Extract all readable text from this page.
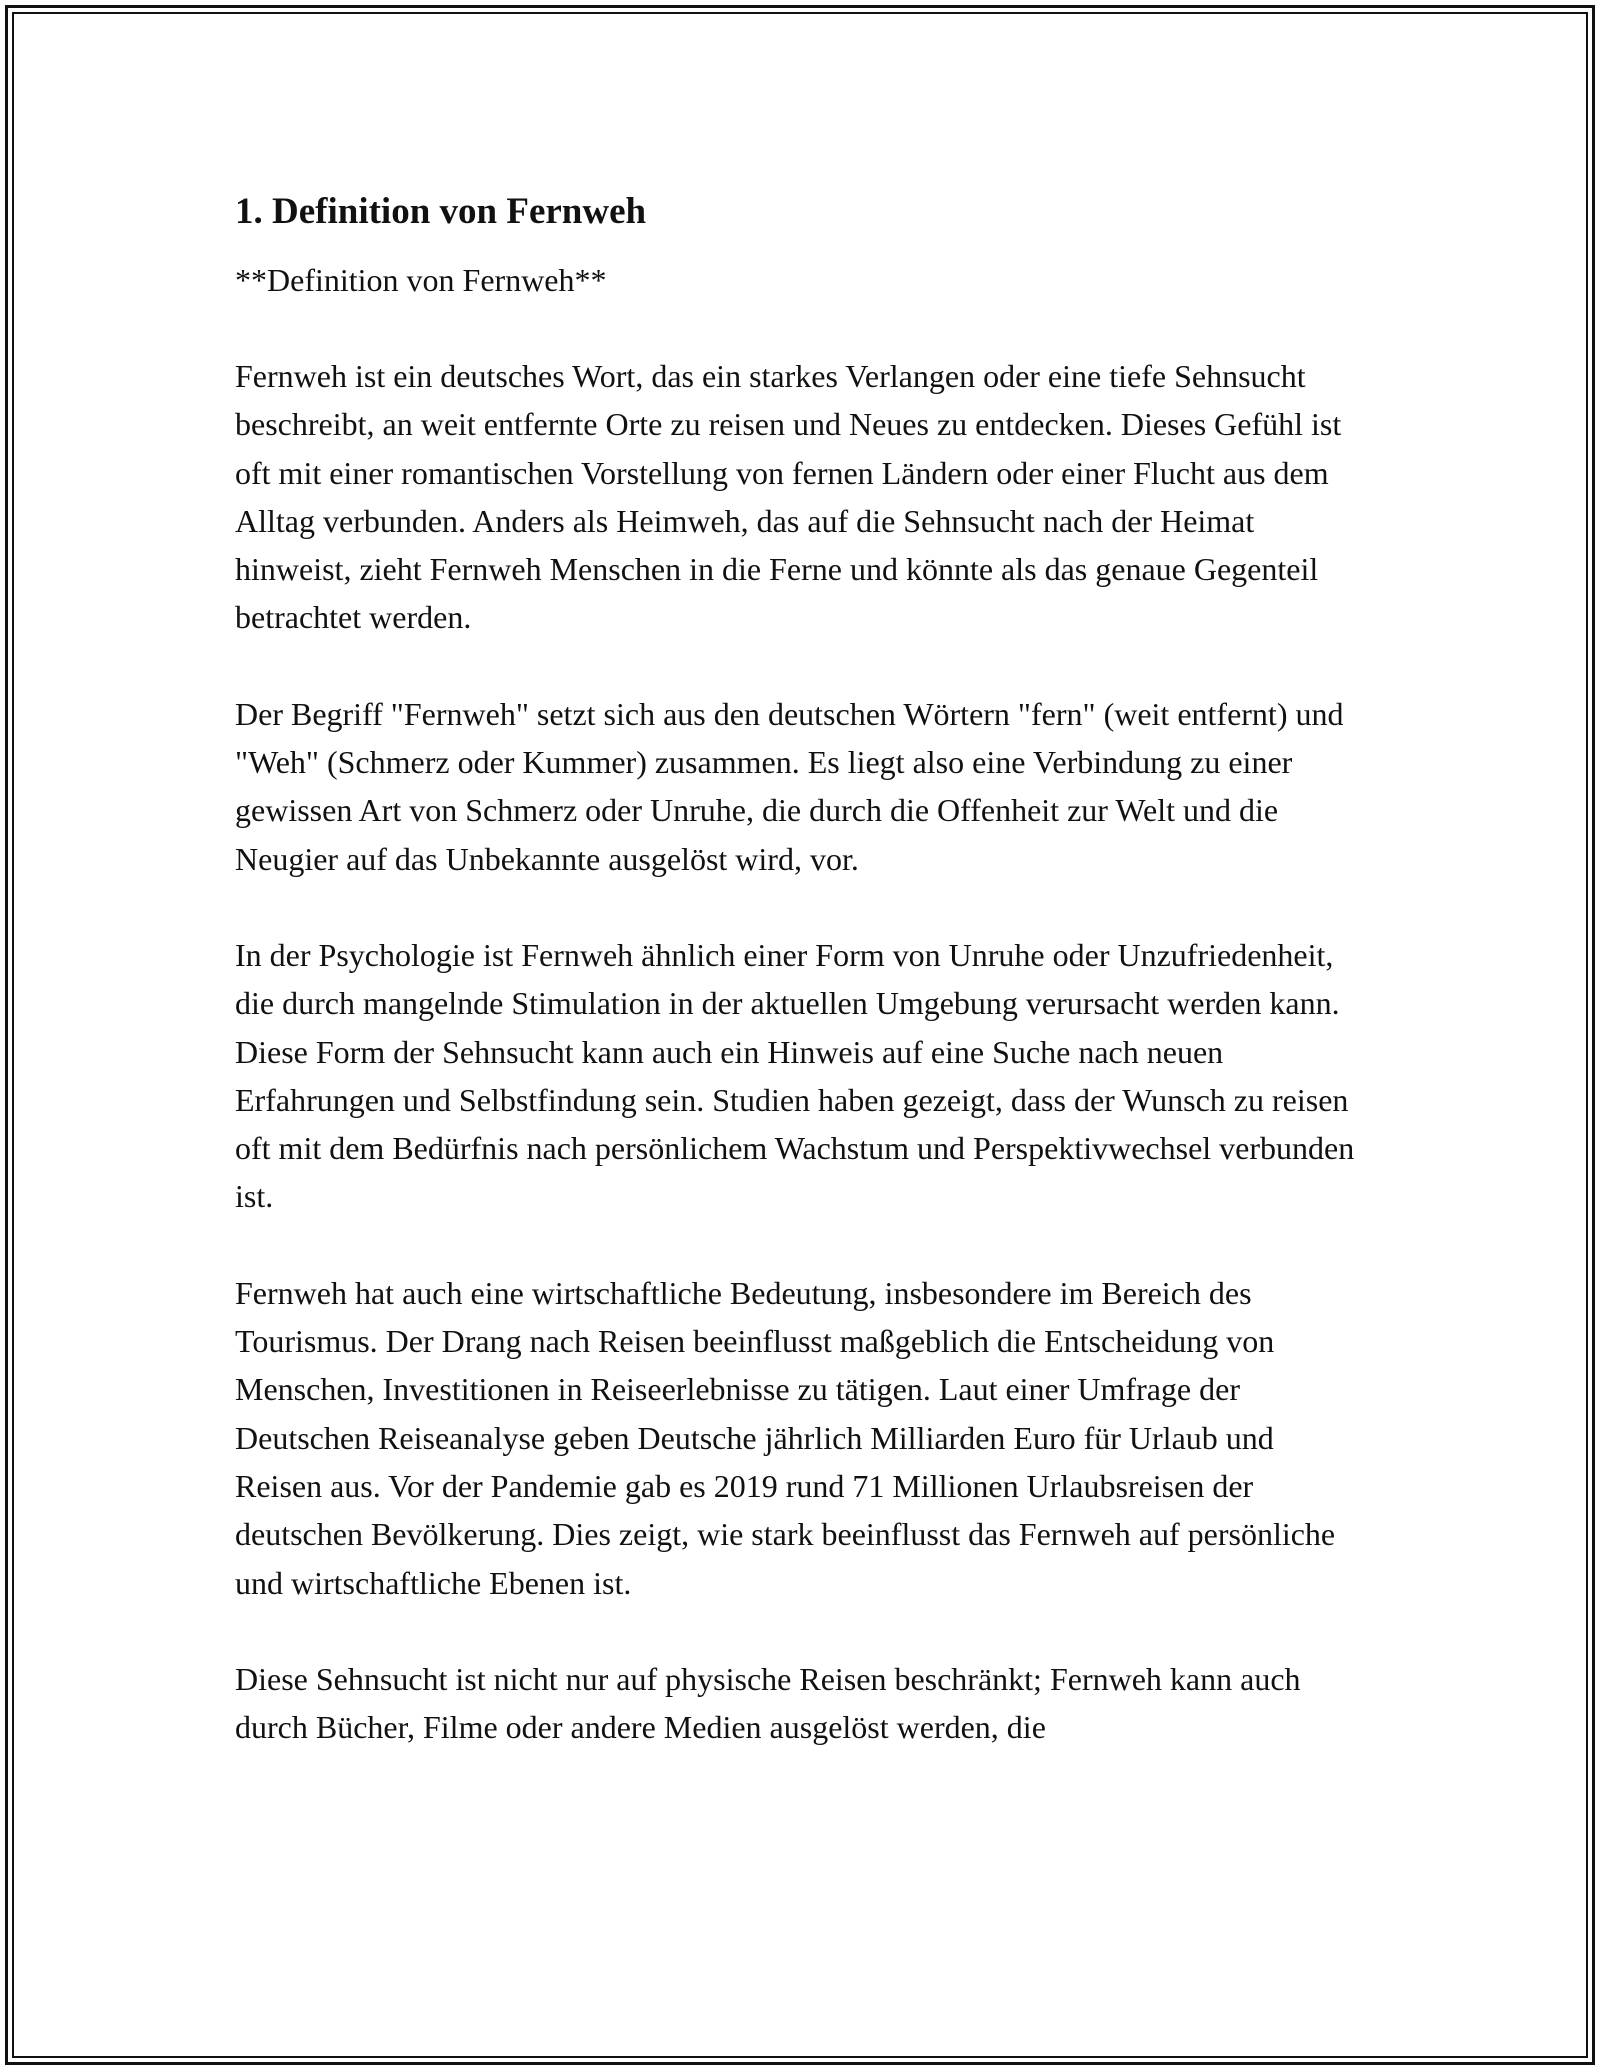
1. Definition von Fernweh
**Definition von Fernweh**

Fernweh ist ein deutsches Wort, das ein starkes Verlangen oder eine tiefe Sehnsucht beschreibt, an weit entfernte Orte zu reisen und Neues zu entdecken. Dieses Gefühl ist oft mit einer romantischen Vorstellung von fernen Ländern oder einer Flucht aus dem Alltag verbunden. Anders als Heimweh, das auf die Sehnsucht nach der Heimat hinweist, zieht Fernweh Menschen in die Ferne und könnte als das genaue Gegenteil betrachtet werden.

Der Begriff "Fernweh" setzt sich aus den deutschen Wörtern "fern" (weit entfernt) und "Weh" (Schmerz oder Kummer) zusammen. Es liegt also eine Verbindung zu einer gewissen Art von Schmerz oder Unruhe, die durch die Offenheit zur Welt und die Neugier auf das Unbekannte ausgelöst wird, vor.

In der Psychologie ist Fernweh ähnlich einer Form von Unruhe oder Unzufriedenheit, die durch mangelnde Stimulation in der aktuellen Umgebung verursacht werden kann. Diese Form der Sehnsucht kann auch ein Hinweis auf eine Suche nach neuen Erfahrungen und Selbstfindung sein. Studien haben gezeigt, dass der Wunsch zu reisen oft mit dem Bedürfnis nach persönlichem Wachstum und Perspektivwechsel verbunden ist.

Fernweh hat auch eine wirtschaftliche Bedeutung, insbesondere im Bereich des Tourismus. Der Drang nach Reisen beeinflusst maßgeblich die Entscheidung von Menschen, Investitionen in Reiseerlebnisse zu tätigen. Laut einer Umfrage der Deutschen Reiseanalyse geben Deutsche jährlich Milliarden Euro für Urlaub und Reisen aus. Vor der Pandemie gab es 2019 rund 71 Millionen Urlaubsreisen der deutschen Bevölkerung. Dies zeigt, wie stark beeinflusst das Fernweh auf persönliche und wirtschaftliche Ebenen ist.

Diese Sehnsucht ist nicht nur auf physische Reisen beschränkt; Fernweh kann auch durch Bücher, Filme oder andere Medien ausgelöst werden, die
